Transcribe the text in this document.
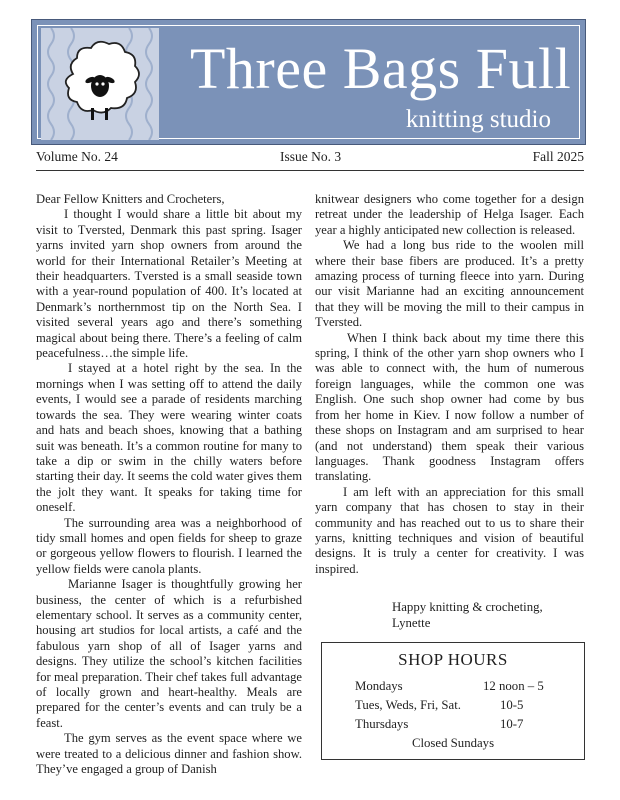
Three Bags Full
knitting studio
Volume No. 24	Issue No. 3	Fall 2025

Dear Fellow Knitters and Crocheters,

I thought I would share a little bit about my visit to Tversted, Denmark this past spring. Isager yarns invited yarn shop owners from around the world for their International Retailer’s Meeting at their headquarters. Tversted is a small seaside town with a year-round population of 400. It’s located at Denmark’s northernmost tip on the North Sea. I visited several years ago and there’s something magical about being there. There’s a feeling of calm peacefulness…the simple life.

I stayed at a hotel right by the sea. In the mornings when I was setting off to attend the daily events, I would see a parade of residents marching towards the sea. They were wearing winter coats and hats and beach shoes, knowing that a bathing suit was beneath. It’s a common routine for many to take a dip or swim in the chilly waters before starting their day. It seems the cold water gives them the jolt they want. It speaks for taking time for oneself.

The surrounding area was a neighborhood of tidy small homes and open fields for sheep to graze or gorgeous yellow flowers to flourish. I learned the yellow fields were canola plants.

Marianne Isager is thoughtfully growing her business, the center of which is a refurbished elementary school. It serves as a community center, housing art studios for local artists, a café and the fabulous yarn shop of all of Isager yarns and designs. They utilize the school’s kitchen facilities for meal preparation. Their chef takes full advantage of locally grown and heart-healthy. Meals are prepared for the center’s events and can truly be a feast.

The gym serves as the event space where we were treated to a delicious dinner and fashion show. They’ve engaged a group of Danish

knitwear designers who come together for a design retreat under the leadership of Helga Isager. Each year a highly anticipated new collection is released.

We had a long bus ride to the woolen mill where their base fibers are produced. It’s a pretty amazing process of turning fleece into yarn. During our visit Marianne had an exciting announcement that they will be moving the mill to their campus in Tversted.

When I think back about my time there this spring, I think of the other yarn shop owners who I was able to connect with, the hum of numerous foreign languages, while the common one was English. One such shop owner had come by bus from her home in Kiev. I now follow a number of these shops on Instagram and am surprised to hear (and not understand) them speak their various languages. Thank goodness Instagram offers translating.

I am left with an appreciation for this small yarn company that has chosen to stay in their community and has reached out to us to share their yarns, knitting techniques and vision of beautiful designs. It is truly a center for creativity. I was inspired.

Happy knitting & crocheting,
Lynette
SHOP HOURS
Mondays	12 noon – 5
Tues, Weds, Fri, Sat.	10-5
Thursdays	10-7
Closed Sundays
